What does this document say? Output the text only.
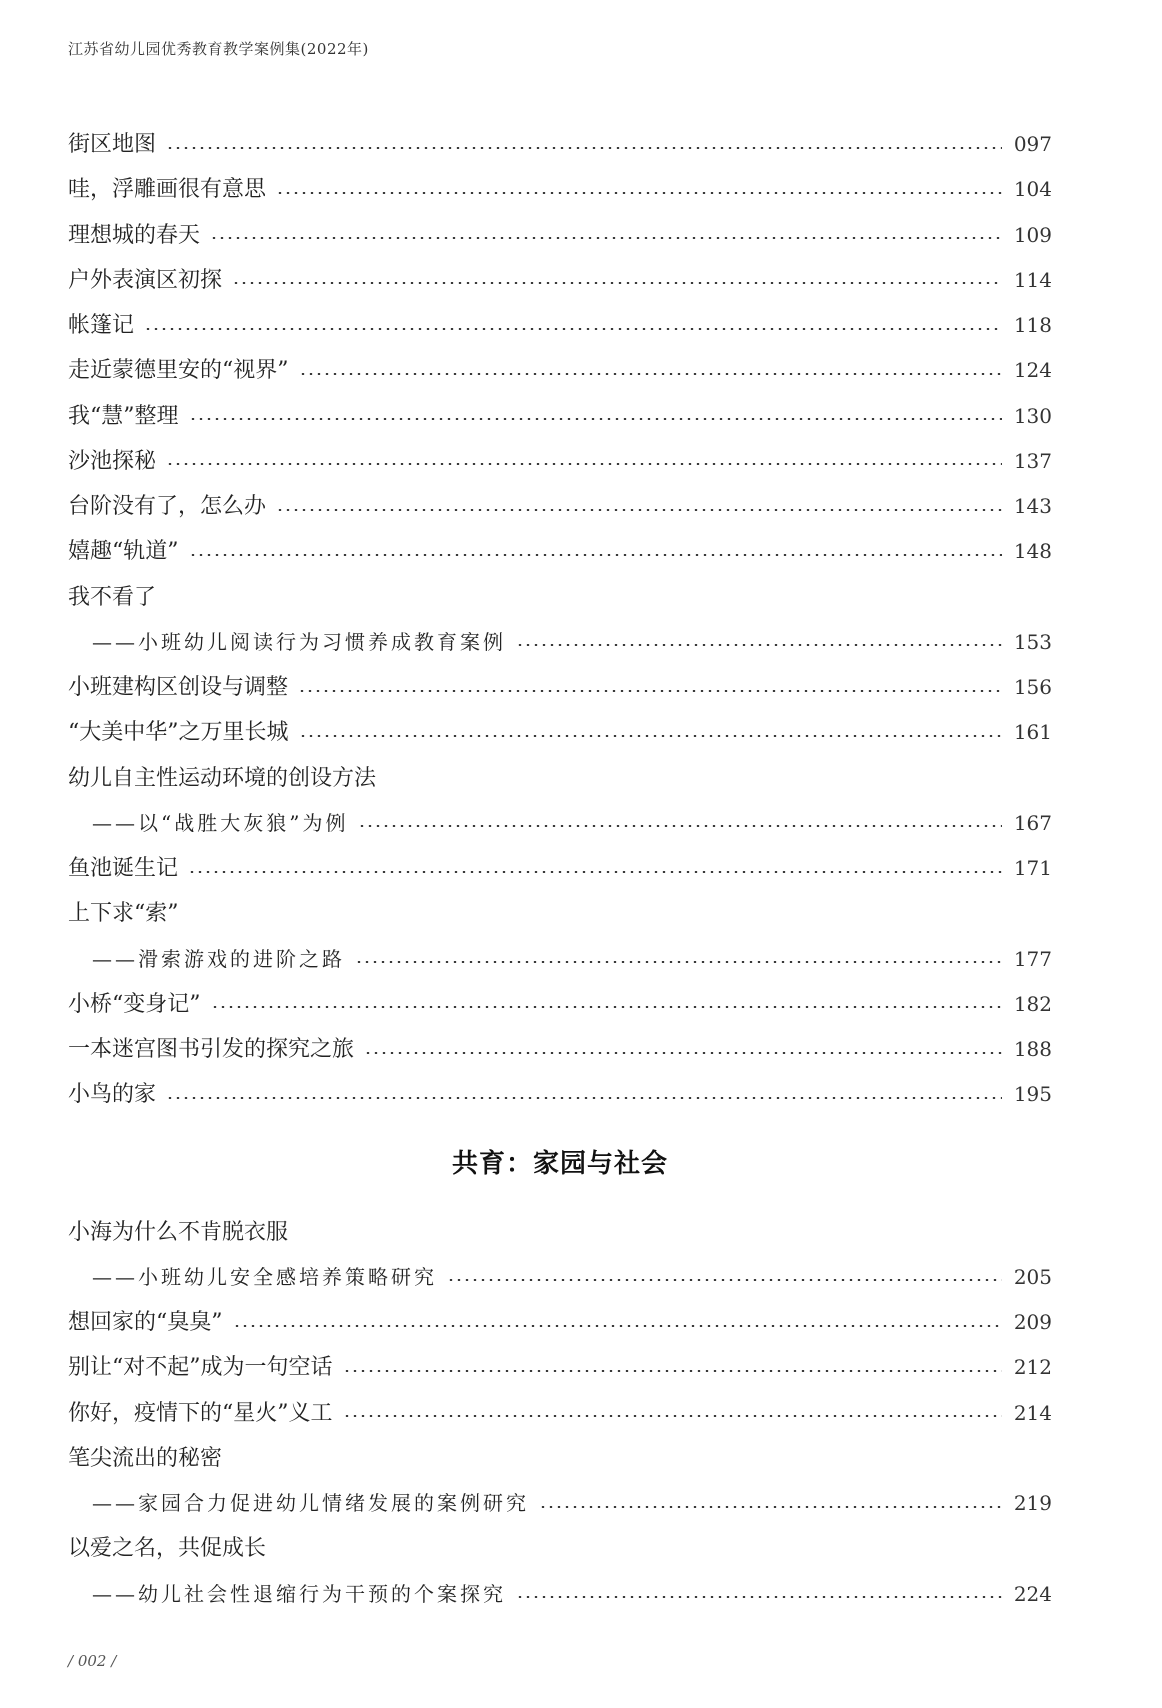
江苏省幼儿园优秀教育教学案例集(2022年)
街区地图	097
哇，浮雕画很有意思	104
理想城的春天	109
户外表演区初探	114
帐篷记	118
走近蒙德里安的“视界”	124
我“慧”整理	130
沙池探秘	137
台阶没有了，怎么办	143
嬉趣“轨道”	148
我不看了
——小班幼儿阅读行为习惯养成教育案例	153
小班建构区创设与调整	156
“大美中华”之万里长城	161
幼儿自主性运动环境的创设方法
——以“战胜大灰狼”为例	167
鱼池诞生记	171
上下求“索”
——滑索游戏的进阶之路	177
小桥“变身记”	182
一本迷宫图书引发的探究之旅	188
小鸟的家	195
共育：家园与社会
小海为什么不肯脱衣服
——小班幼儿安全感培养策略研究	205
想回家的“臭臭”	209
别让“对不起”成为一句空话	212
你好，疫情下的“星火”义工	214
笔尖流出的秘密
——家园合力促进幼儿情绪发展的案例研究	219
以爱之名，共促成长
——幼儿社会性退缩行为干预的个案探究	224
/ 002 /
